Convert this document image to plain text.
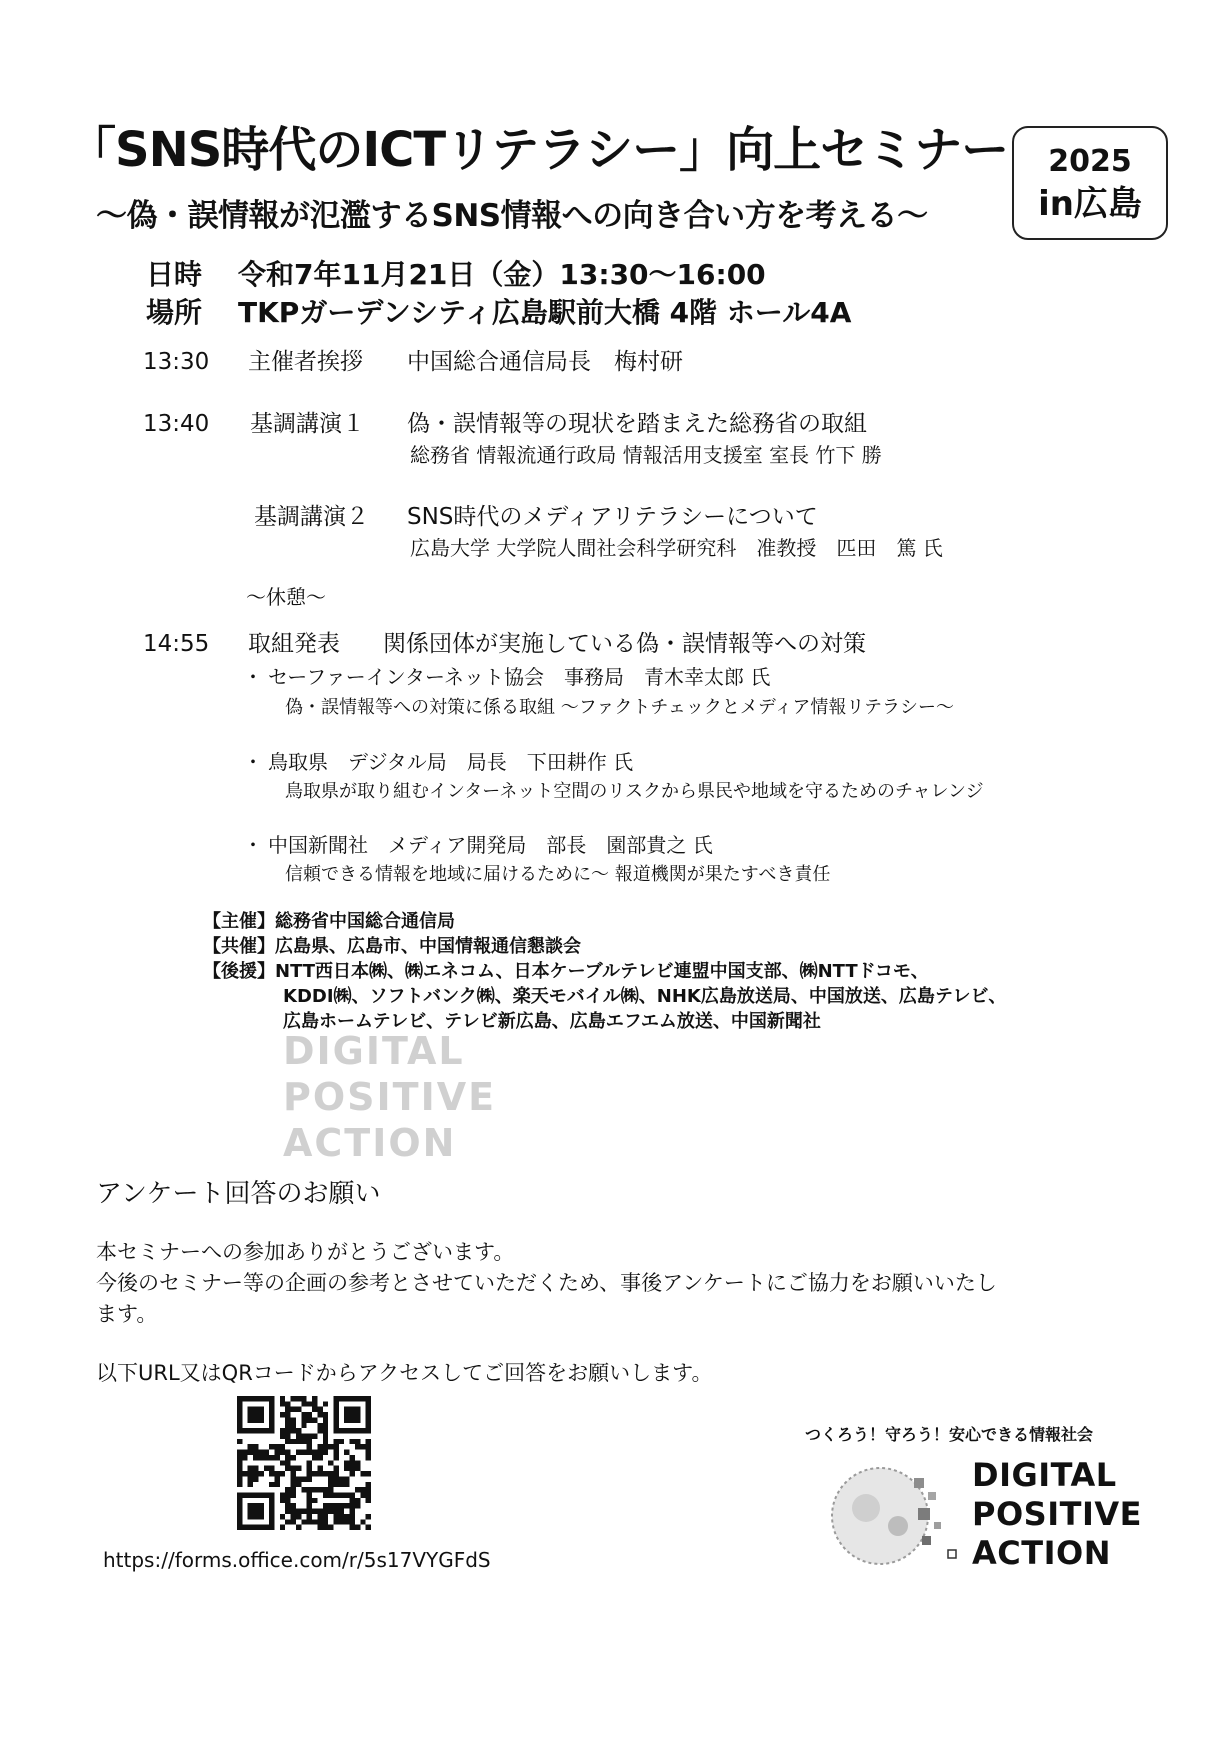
「SNS時代のICTリテラシー」向上セミナー
〜偽・誤情報が氾濫するSNS情報への向き合い方を考える〜
2025
in広島
日時 令和7年11月21日（金）13:30〜16:00
場所 TKPガーデンシティ広島駅前大橋 4階 ホール4A
13:30 主催者挨拶 中国総合通信局長　梅村研
13:40 基調講演１ 偽・誤情報等の現状を踏まえた総務省の取組
総務省 情報流通行政局 情報活用支援室 室長 竹下 勝
基調講演２ SNS時代のメディアリテラシーについて
広島大学 大学院人間社会科学研究科　准教授　匹田　篤 氏
〜休憩〜
14:55 取組発表 関係団体が実施している偽・誤情報等への対策
・ セーファーインターネット協会　事務局　青木幸太郎 氏
偽・誤情報等への対策に係る取組 〜ファクトチェックとメディア情報リテラシー〜
・ 鳥取県　デジタル局　局長　下田耕作 氏
鳥取県が取り組むインターネット空間のリスクから県民や地域を守るためのチャレンジ
・ 中国新聞社　メディア開発局　部長　園部貴之 氏
信頼できる情報を地域に届けるために〜 報道機関が果たすべき責任
【主催】総務省中国総合通信局
【共催】広島県、広島市、中国情報通信懇談会
【後援】NTT西日本㈱、㈱エネコム、日本ケーブルテレビ連盟中国支部、㈱NTTドコモ、
KDDI㈱、ソフトバンク㈱、楽天モバイル㈱、NHK広島放送局、中国放送、広島テレビ、
広島ホームテレビ、テレビ新広島、広島エフエム放送、中国新聞社
DIGITAL
POSITIVE
ACTION
アンケート回答のお願い
本セミナーへの参加ありがとうございます。
今後のセミナー等の企画の参考とさせていただくため、事後アンケートにご協力をお願いいたし
ます。
以下URL又はQRコードからアクセスしてご回答をお願いします。
https://forms.office.com/r/5s17VYGFdS
つくろう！守ろう！安心できる情報社会
DIGITAL
POSITIVE
ACTION
